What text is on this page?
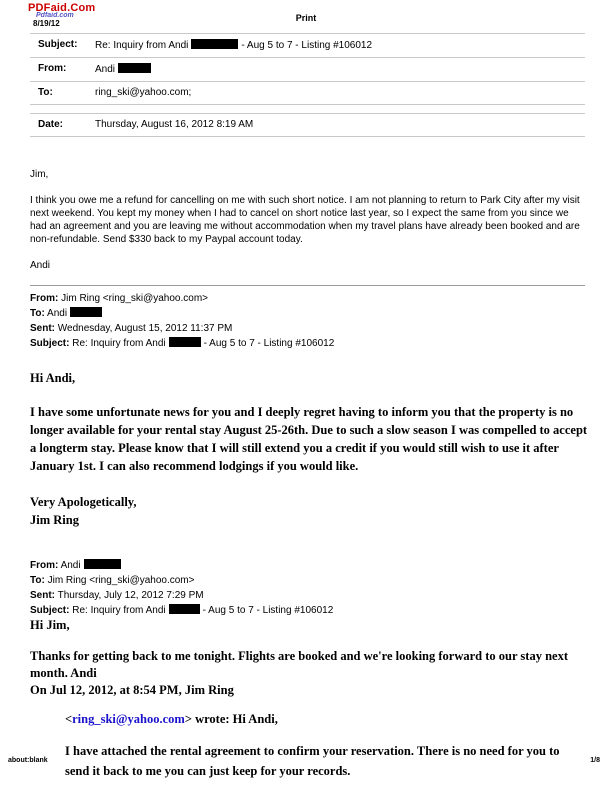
PDFaid.Com
Pdfaid.com
8/19/12
Print
Subject:	Re: Inquiry from Andi	- Aug 5 to 7 - Listing #106012
From:	Andi
To:	ring_ski@yahoo.com;
Date:	Thursday, August 16, 2012 8:19 AM
Jim,
I think you owe me a refund for cancelling on me with such short notice. I am not planning to return to Park City after my visit next weekend. You kept my money when I had to cancel on short notice last year, so I expect the same from you since we had an agreement and you are leaving me without accommodation when my travel plans have already been booked and are non-refundable. Send $330 back to my Paypal account today.
Andi
From: Jim Ring <ring_ski@yahoo.com>
To: Andi
Sent: Wednesday, August 15, 2012 11:37 PM
Subject: Re: Inquiry from Andi	- Aug 5 to 7 - Listing #106012
Hi Andi,
I have some unfortunate news for you and I deeply regret having to inform you that the property is no longer available for your rental stay August 25-26th. Due to such a slow season I was compelled to accept a longterm stay. Please know that I will still extend you a credit if you would still wish to use it after January 1st. I can also recommend lodgings if you would like.
Very Apologetically,
Jim Ring
From: Andi
To: Jim Ring <ring_ski@yahoo.com>
Sent: Thursday, July 12, 2012 7:29 PM
Subject: Re: Inquiry from Andi	- Aug 5 to 7 - Listing #106012
Hi Jim,
Thanks for getting back to me tonight. Flights are booked and we're looking forward to our stay next month. Andi
On Jul 12, 2012, at 8:54 PM, Jim Ring
<ring_ski@yahoo.com> wrote: Hi Andi,
I have attached the rental agreement to confirm your reservation. There is no need for you to send it back to me you can just keep for your records.
about:blank	1/8
